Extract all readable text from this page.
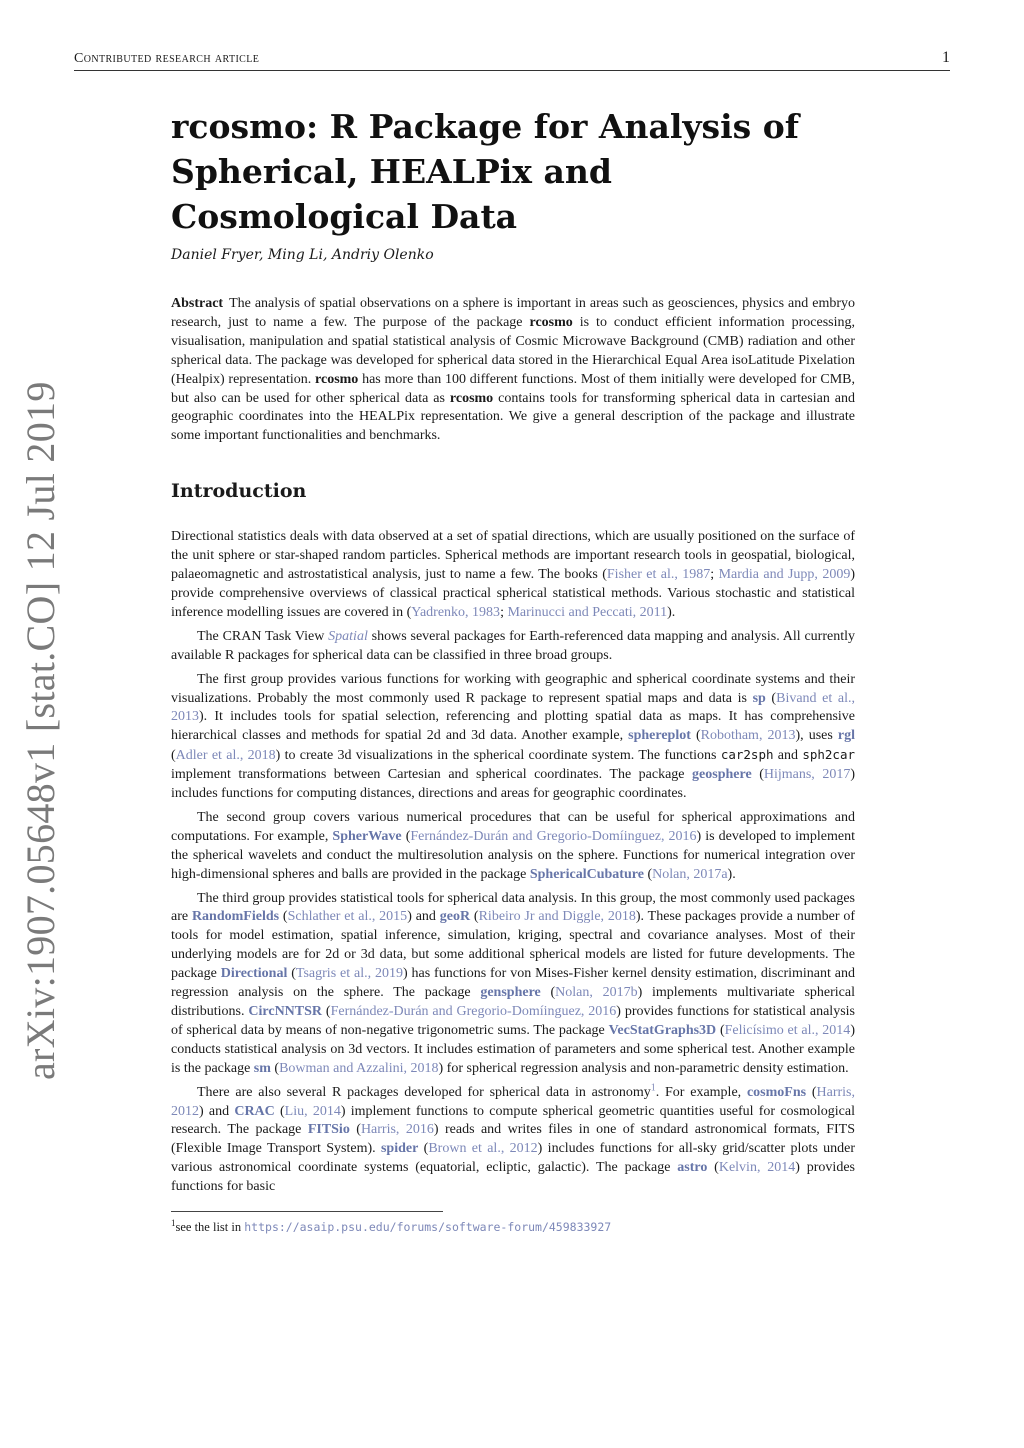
Contributed research article	1
arXiv:1907.05648v1 [stat.CO] 12 Jul 2019
rcosmo: R Package for Analysis of Spherical, HEALPix and Cosmological Data
Daniel Fryer, Ming Li, Andriy Olenko

Abstract The analysis of spatial observations on a sphere is important in areas such as geosciences, physics and embryo research, just to name a few. The purpose of the package rcosmo is to conduct efficient information processing, visualisation, manipulation and spatial statistical analysis of Cosmic Microwave Background (CMB) radiation and other spherical data. The package was developed for spherical data stored in the Hierarchical Equal Area isoLatitude Pixelation (Healpix) representation. rcosmo has more than 100 different functions. Most of them initially were developed for CMB, but also can be used for other spherical data as rcosmo contains tools for transforming spherical data in cartesian and geographic coordinates into the HEALPix representation. We give a general description of the package and illustrate some important functionalities and benchmarks.

Introduction

Directional statistics deals with data observed at a set of spatial directions, which are usually positioned on the surface of the unit sphere or star-shaped random particles. Spherical methods are important research tools in geospatial, biological, palaeomagnetic and astrostatistical analysis, just to name a few. The books (Fisher et al., 1987; Mardia and Jupp, 2009) provide comprehensive overviews of classical practical spherical statistical methods. Various stochastic and statistical inference modelling issues are covered in (Yadrenko, 1983; Marinucci and Peccati, 2011).

The CRAN Task View Spatial shows several packages for Earth-referenced data mapping and analysis. All currently available R packages for spherical data can be classified in three broad groups.

The first group provides various functions for working with geographic and spherical coordinate systems and their visualizations. Probably the most commonly used R package to represent spatial maps and data is sp (Bivand et al., 2013). It includes tools for spatial selection, referencing and plotting spatial data as maps. It has comprehensive hierarchical classes and methods for spatial 2d and 3d data. Another example, sphereplot (Robotham, 2013), uses rgl (Adler et al., 2018) to create 3d visualizations in the spherical coordinate system. The functions car2sph and sph2car implement transformations between Cartesian and spherical coordinates. The package geosphere (Hijmans, 2017) includes functions for computing distances, directions and areas for geographic coordinates.

The second group covers various numerical procedures that can be useful for spherical approximations and computations. For example, SpherWave (Fernández-Durán and Gregorio-Domíinguez, 2016) is developed to implement the spherical wavelets and conduct the multiresolution analysis on the sphere. Functions for numerical integration over high-dimensional spheres and balls are provided in the package SphericalCubature (Nolan, 2017a).

The third group provides statistical tools for spherical data analysis. In this group, the most commonly used packages are RandomFields (Schlather et al., 2015) and geoR (Ribeiro Jr and Diggle, 2018). These packages provide a number of tools for model estimation, spatial inference, simulation, kriging, spectral and covariance analyses. Most of their underlying models are for 2d or 3d data, but some additional spherical models are listed for future developments. The package Directional (Tsagris et al., 2019) has functions for von Mises-Fisher kernel density estimation, discriminant and regression analysis on the sphere. The package gensphere (Nolan, 2017b) implements multivariate spherical distributions. CircNNTSR (Fernández-Durán and Gregorio-Domíinguez, 2016) provides functions for statistical analysis of spherical data by means of non-negative trigonometric sums. The package VecStatGraphs3D (Felicísimo et al., 2014) conducts statistical analysis on 3d vectors. It includes estimation of parameters and some spherical test. Another example is the package sm (Bowman and Azzalini, 2018) for spherical regression analysis and non-parametric density estimation.

There are also several R packages developed for spherical data in astronomy$^1$. For example, cosmoFns (Harris, 2012) and CRAC (Liu, 2014) implement functions to compute spherical geometric quantities useful for cosmological research. The package FITSio (Harris, 2016) reads and writes files in one of standard astronomical formats, FITS (Flexible Image Transport System). spider (Brown et al., 2012) includes functions for all-sky grid/scatter plots under various astronomical coordinate systems (equatorial, ecliptic, galactic). The package astro (Kelvin, 2014) provides functions for basic

$^1$see the list in https://asaip.psu.edu/forums/software-forum/459833927
